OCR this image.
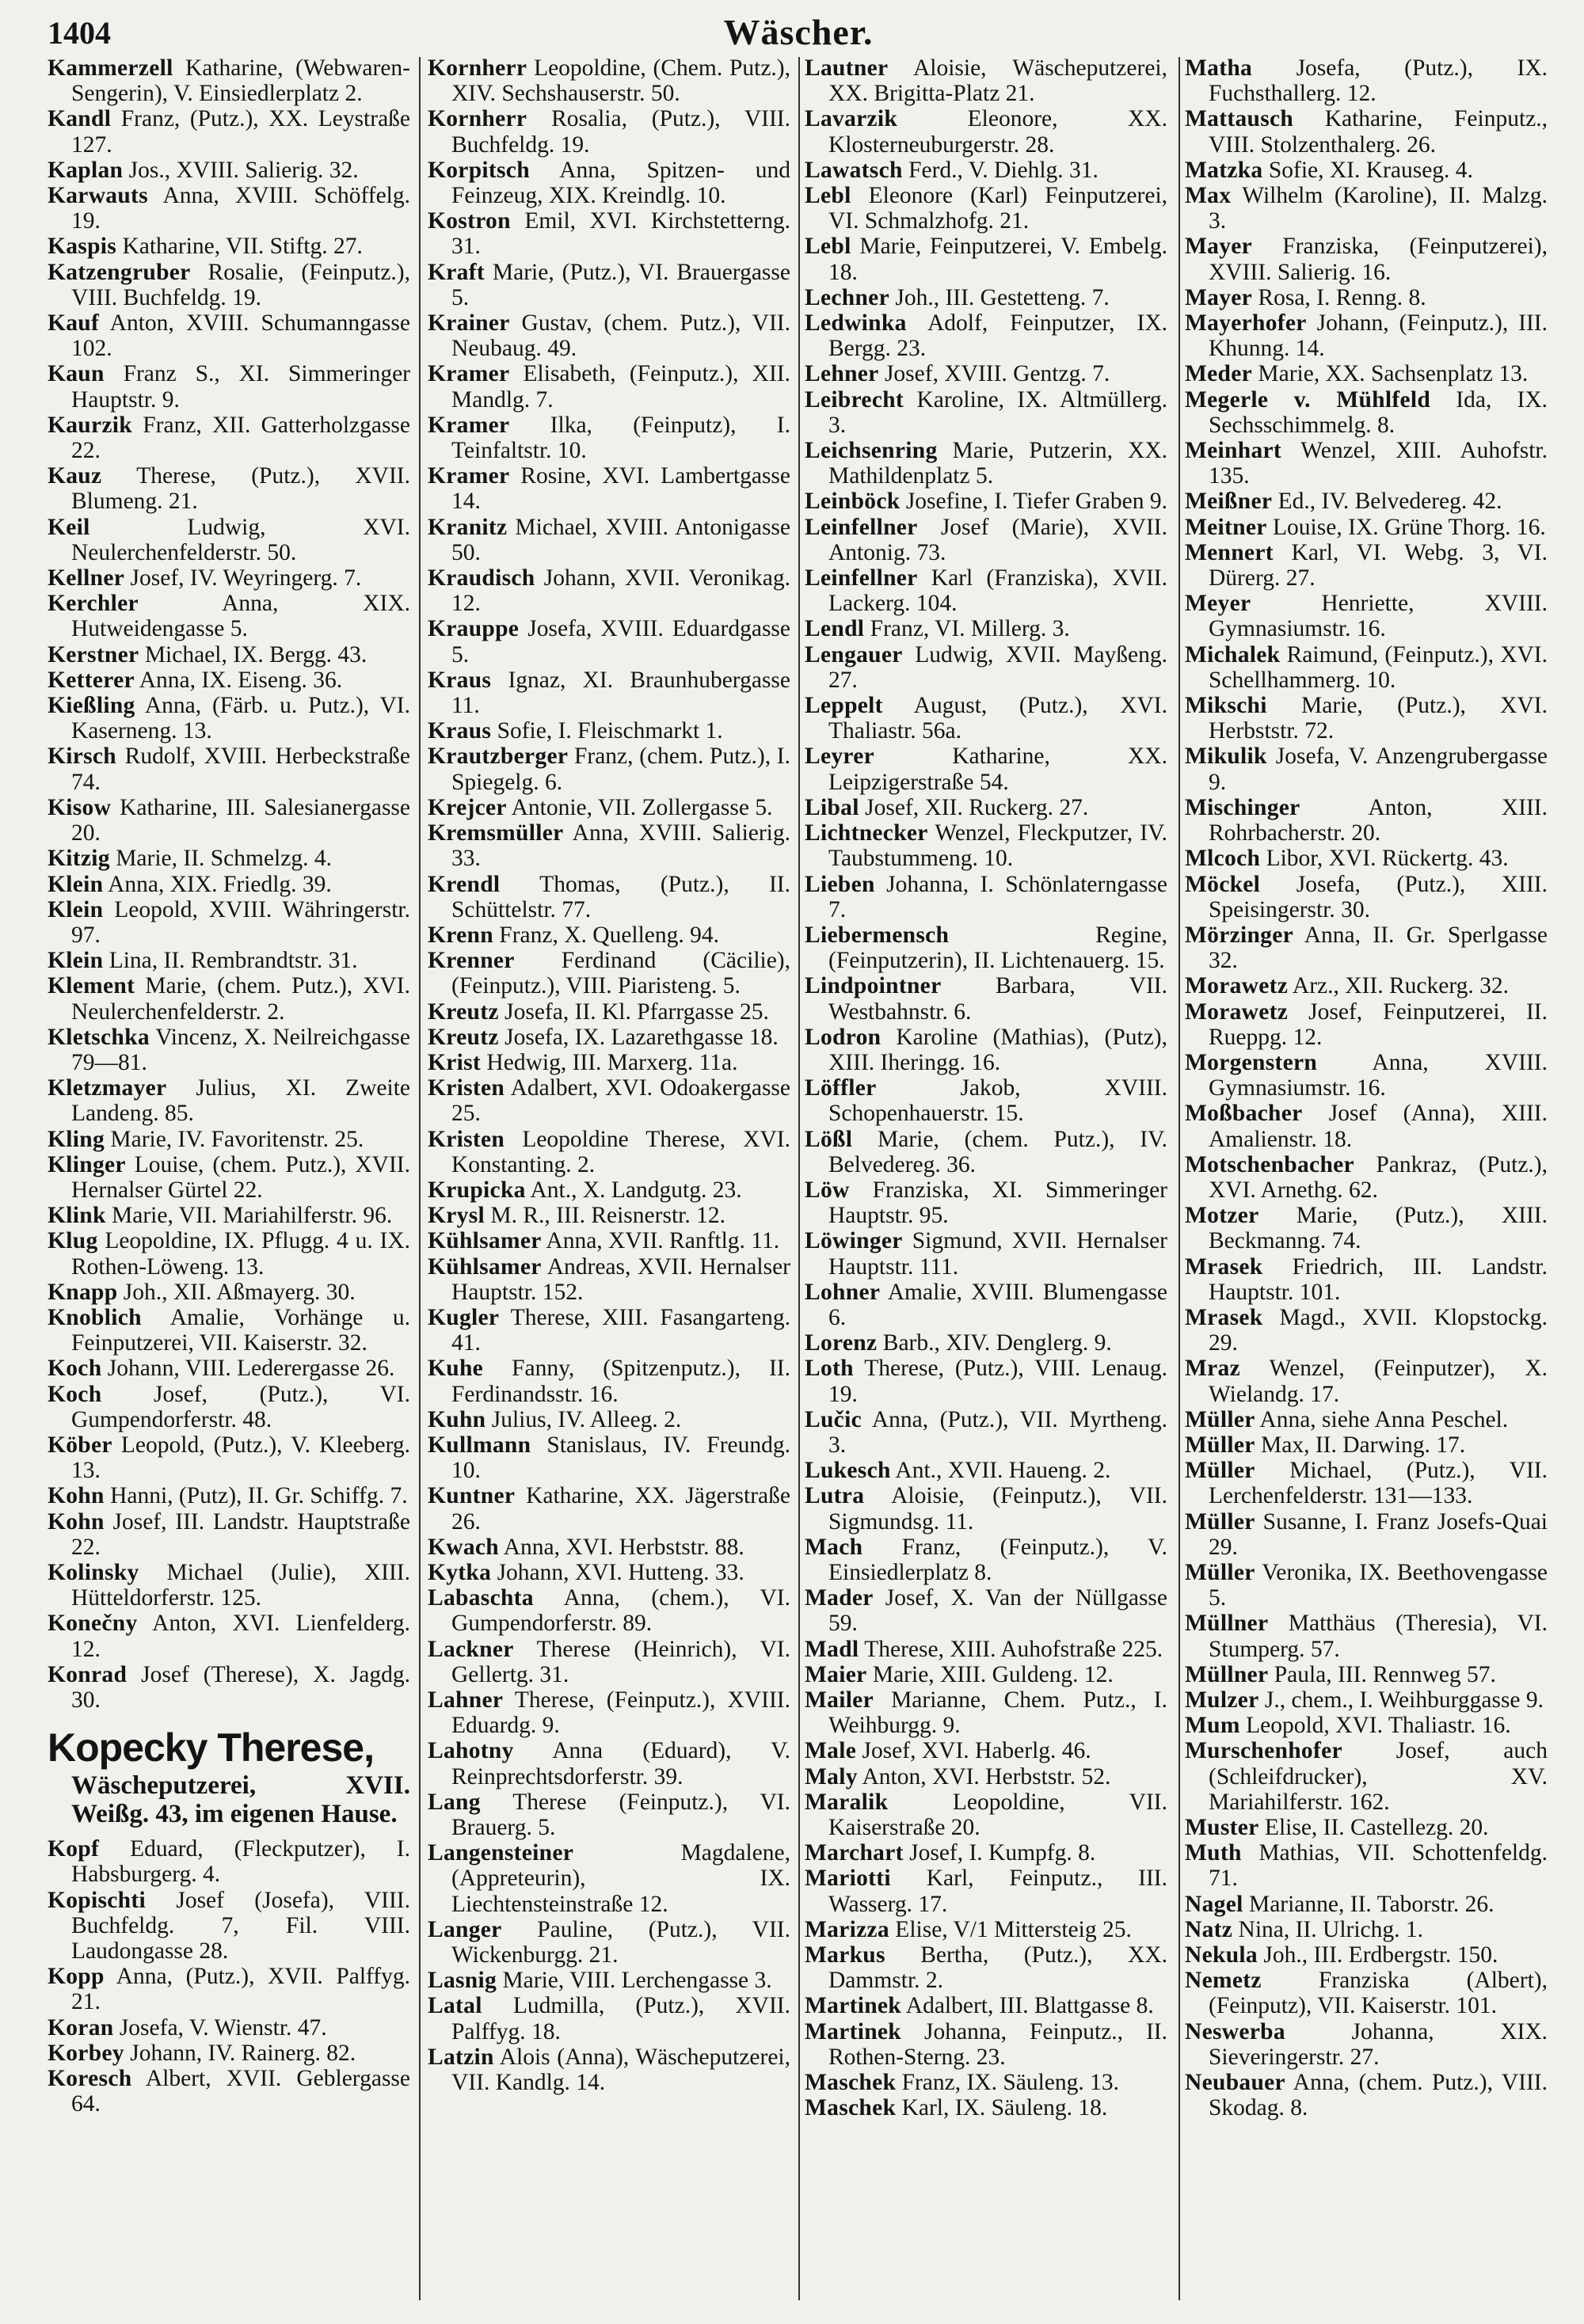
1404	Wäscher.
Kammerzell Katharine, (Webwaren-Sengerin), V. Einsiedlerplatz 2.
Kandl Franz, (Putz.), XX. Leystraße 127.
Kaplan Jos., XVIII. Salierig. 32.
Karwauts Anna, XVIII. Schöffelg. 19.
Kaspis Katharine, VII. Stiftg. 27.
Katzengruber Rosalie, (Feinputz.), VIII. Buchfeldg. 19.
Kauf Anton, XVIII. Schumanngasse 102.
Kaun Franz S., XI. Simmeringer Hauptstr. 9.
Kaurzik Franz, XII. Gatterholzgasse 22.
Kauz Therese, (Putz.), XVII. Blumeng. 21.
Keil	Ludwig, XVI. Neulerchenfelderstr. 50.
Kellner Josef, IV. Weyringerg. 7.
Kerchler	Anna, XIX. Hutweidengasse 5.
Kerstner Michael, IX. Bergg. 43.
Ketterer Anna, IX. Eiseng. 36.
Kießling Anna, (Färb. u. Putz.), VI. Kaserneng. 13.
Kirsch Rudolf, XVIII. Herbeckstraße 74.
Kisow Katharine, III. Salesianergasse 20.
Kitzig Marie, II. Schmelzg. 4.
Klein Anna, XIX. Friedlg. 39.
Klein Leopold, XVIII. Währingerstr. 97.
Klein Lina, II. Rembrandtstr. 31.
Klement Marie, (chem. Putz.), XVI. Neulerchenfelderstr. 2.
Kletschka Vincenz, X. Neilreichgasse 79—81.
Kletzmayer Julius, XI. Zweite Landeng. 85.
Kling Marie, IV. Favoritenstr. 25.
Klinger Louise, (chem. Putz.), XVII. Hernalser Gürtel 22.
Klink Marie, VII. Mariahilferstr. 96.
Klug Leopoldine, IX. Pflugg. 4 u. IX. Rothen-Löweng. 13.
Knapp Joh., XII. Aßmayerg. 30.
Knoblich Amalie, Vorhänge u. Feinputzerei, VII. Kaiserstr. 32.
Koch Johann, VIII. Lederergasse 26.
Koch Josef, (Putz.), VI. Gumpendorferstr. 48.
Köber Leopold, (Putz.), V. Kleeberg. 13.
Kohn Hanni, (Putz), II. Gr. Schiffg. 7.
Kohn Josef, III. Landstr. Hauptstraße 22.
Kolinsky Michael (Julie), XIII. Hütteldorferstr. 125.
Konečny Anton, XVI. Lienfelderg. 12.
Konrad Josef (Therese), X. Jagdg. 30.
Kopecky Therese,
Wäscheputzerei, XVII. Weißg. 43, im eigenen Hause.
Kopf Eduard, (Fleckputzer), I. Habsburgerg. 4.
Kopischti Josef (Josefa), VIII. Buchfeldg. 7, Fil. VIII. Laudongasse 28.
Kopp Anna, (Putz.), XVII. Palffyg. 21.
Koran Josefa, V. Wienstr. 47.
Korbey Johann, IV. Rainerg. 82.
Koresch Albert, XVII. Geblergasse 64.
Kornherr Leopoldine, (Chem. Putz.), XIV. Sechshauserstr. 50.
Kornherr Rosalia, (Putz.), VIII. Buchfeldg. 19.
Korpitsch Anna, Spitzen- und Feinzeug, XIX. Kreindlg. 10.
Kostron Emil, XVI. Kirchstetterng. 31.
Kraft Marie, (Putz.), VI. Brauergasse 5.
Krainer Gustav, (chem. Putz.), VII. Neubaug. 49.
Kramer Elisabeth, (Feinputz.), XII. Mandlg. 7.
Kramer Ilka, (Feinputz), I. Teinfaltstr. 10.
Kramer Rosine, XVI. Lambertgasse 14.
Kranitz Michael, XVIII. Antonigasse 50.
Kraudisch Johann, XVII. Veronikag. 12.
Krauppe Josefa, XVIII. Eduardgasse 5.
Kraus Ignaz, XI. Braunhubergasse 11.
Kraus Sofie, I. Fleischmarkt 1.
Krautzberger Franz, (chem. Putz.), I. Spiegelg. 6.
Krejcer Antonie, VII. Zollergasse 5.
Kremsmüller Anna, XVIII. Salierig. 33.
Krendl Thomas, (Putz.), II. Schüttelstr. 77.
Krenn Franz, X. Quelleng. 94.
Krenner Ferdinand (Cäcilie), (Feinputz.), VIII. Piaristeng. 5.
Kreutz Josefa, II. Kl. Pfarrgasse 25.
Kreutz Josefa, IX. Lazarethgasse 18.
Krist Hedwig, III. Marxerg. 11a.
Kristen Adalbert, XVI. Odoakergasse 25.
Kristen Leopoldine Therese, XVI. Konstanting. 2.
Krupicka Ant., X. Landgutg. 23.
Krysl M. R., III. Reisnerstr. 12.
Kühlsamer Anna, XVII. Ranftlg. 11.
Kühlsamer Andreas, XVII. Hernalser Hauptstr. 152.
Kugler Therese, XIII. Fasangarteng. 41.
Kuhe Fanny, (Spitzenputz.), II. Ferdinandsstr. 16.
Kuhn Julius, IV. Alleeg. 2.
Kullmann Stanislaus, IV. Freundg. 10.
Kuntner Katharine, XX. Jägerstraße 26.
Kwach Anna, XVI. Herbststr. 88.
Kytka Johann, XVI. Hutteng. 33.
Labaschta Anna, (chem.), VI. Gumpendorferstr. 89.
Lackner Therese (Heinrich), VI. Gellertg. 31.
Lahner Therese, (Feinputz.), XVIII. Eduardg. 9.
Lahotny Anna (Eduard), V. Reinprechtsdorferstr. 39.
Lang Therese (Feinputz.), VI. Brauerg. 5.
Langensteiner	Magdalene, (Appreteurin), IX. Liechtensteinstraße 12.
Langer Pauline, (Putz.), VII. Wickenburgg. 21.
Lasnig Marie, VIII. Lerchengasse 3.
Latal Ludmilla, (Putz.), XVII. Palffyg. 18.
Latzin Alois (Anna), Wäscheputzerei, VII. Kandlg. 14.
Lautner Aloisie, Wäscheputzerei, XX. Brigitta-Platz 21.
Lavarzik	Eleonore, XX. Klosterneuburgerstr. 28.
Lawatsch Ferd., V. Diehlg. 31.
Lebl Eleonore (Karl) Feinputzerei, VI. Schmalzhofg. 21.
Lebl Marie, Feinputzerei, V. Embelg. 18.
Lechner Joh., III. Gestetteng. 7.
Ledwinka Adolf, Feinputzer, IX. Bergg. 23.
Lehner Josef, XVIII. Gentzg. 7.
Leibrecht Karoline, IX. Altmüllerg. 3.
Leichsenring Marie, Putzerin, XX. Mathildenplatz 5.
Leinböck Josefine, I. Tiefer Graben 9.
Leinfellner Josef (Marie), XVII. Antonig. 73.
Leinfellner Karl (Franziska), XVII. Lackerg. 104.
Lendl Franz, VI. Millerg. 3.
Lengauer Ludwig, XVII. Mayßeng. 27.
Leppelt August, (Putz.), XVI. Thaliastr. 56a.
Leyrer	Katharine, XX. Leipzigerstraße 54.
Libal Josef, XII. Ruckerg. 27.
Lichtnecker Wenzel, Fleckputzer, IV. Taubstummeng. 10.
Lieben Johanna, I. Schönlaterngasse 7.
Liebermensch	Regine, (Feinputzerin), II. Lichtenauerg. 15.
Lindpointner Barbara, VII. Westbahnstr. 6.
Lodron Karoline (Mathias), (Putz), XIII. Iheringg. 16.
Löffler	Jakob, XVIII. Schopenhauerstr. 15.
Lößl Marie, (chem. Putz.), IV. Belvedereg. 36.
Löw Franziska, XI. Simmeringer Hauptstr. 95.
Löwinger Sigmund, XVII. Hernalser Hauptstr. 111.
Lohner Amalie, XVIII. Blumengasse 6.
Lorenz Barb., XIV. Denglerg. 9.
Loth Therese, (Putz.), VIII. Lenaug. 19.
Lučic Anna, (Putz.), VII. Myrtheng. 3.
Lukesch Ant., XVII. Haueng. 2.
Lutra Aloisie, (Feinputz.), VII. Sigmundsg. 11.
Mach Franz, (Feinputz.), V. Einsiedlerplatz 8.
Mader Josef, X. Van der Nüllgasse 59.
Madl Therese, XIII. Auhofstraße 225.
Maier Marie, XIII. Guldeng. 12.
Mailer Marianne, Chem. Putz., I. Weihburgg. 9.
Male Josef, XVI. Haberlg. 46.
Maly Anton, XVI. Herbststr. 52.
Maralik	Leopoldine, VII. Kaiserstraße 20.
Marchart Josef, I. Kumpfg. 8.
Mariotti Karl, Feinputz., III. Wasserg. 17.
Marizza Elise, V/1 Mittersteig 25.
Markus Bertha, (Putz.), XX. Dammstr. 2.
Martinek Adalbert, III. Blattgasse 8.
Martinek Johanna, Feinputz., II. Rothen-Sterng. 23.
Maschek Franz, IX. Säuleng. 13.
Maschek Karl, IX. Säuleng. 18.
Matha Josefa, (Putz.), IX. Fuchsthallerg. 12.
Mattausch Katharine, Feinputz., VIII. Stolzenthalerg. 26.
Matzka Sofie, XI. Krauseg. 4.
Max Wilhelm (Karoline), II. Malzg. 3.
Mayer Franziska, (Feinputzerei), XVIII. Salierig. 16.
Mayer Rosa, I. Renng. 8.
Mayerhofer Johann, (Feinputz.), III. Khunng. 14.
Meder Marie, XX. Sachsenplatz 13.
Megerle v. Mühlfeld Ida, IX. Sechsschimmelg. 8.
Meinhart Wenzel, XIII. Auhofstr. 135.
Meißner Ed., IV. Belvedereg. 42.
Meitner Louise, IX. Grüne Thorg. 16.
Mennert Karl, VI. Webg. 3, VI. Dürerg. 27.
Meyer	Henriette, XVIII. Gymnasiumstr. 16.
Michalek Raimund, (Feinputz.), XVI. Schellhammerg. 10.
Mikschi Marie, (Putz.), XVI. Herbststr. 72.
Mikulik Josefa, V. Anzengrubergasse 9.
Mischinger	Anton, XIII. Rohrbacherstr. 20.
Mlcoch Libor, XVI. Rückertg. 43.
Möckel Josefa, (Putz.), XIII. Speisingerstr. 30.
Mörzinger Anna, II. Gr. Sperlgasse 32.
Morawetz Arz., XII. Ruckerg. 32.
Morawetz Josef, Feinputzerei, II. Rueppg. 12.
Morgenstern Anna, XVIII. Gymnasiumstr. 16.
Moßbacher Josef (Anna), XIII. Amalienstr. 18.
Motschenbacher Pankraz, (Putz.), XVI. Arnethg. 62.
Motzer Marie, (Putz.), XIII. Beckmanng. 74.
Mrasek Friedrich, III. Landstr. Hauptstr. 101.
Mrasek Magd., XVII. Klopstockg. 29.
Mraz Wenzel, (Feinputzer), X. Wielandg. 17.
Müller Anna, siehe Anna Peschel.
Müller Max, II. Darwing. 17.
Müller Michael, (Putz.), VII. Lerchenfelderstr. 131—133.
Müller Susanne, I. Franz Josefs-Quai 29.
Müller Veronika, IX. Beethovengasse 5.
Müllner Matthäus (Theresia), VI. Stumperg. 57.
Müllner Paula, III. Rennweg 57.
Mulzer J., chem., I. Weihburggasse 9.
Mum Leopold, XVI. Thaliastr. 16.
Murschenhofer Josef, auch (Schleifdrucker), XV. Mariahilferstr. 162.
Muster Elise, II. Castellezg. 20.
Muth Mathias, VII. Schottenfeldg. 71.
Nagel Marianne, II. Taborstr. 26.
Natz Nina, II. Ulrichg. 1.
Nekula Joh., III. Erdbergstr. 150.
Nemetz Franziska (Albert), (Feinputz), VII. Kaiserstr. 101.
Neswerba	Johanna, XIX. Sieveringerstr. 27.
Neubauer Anna, (chem. Putz.), VIII. Skodag. 8.
